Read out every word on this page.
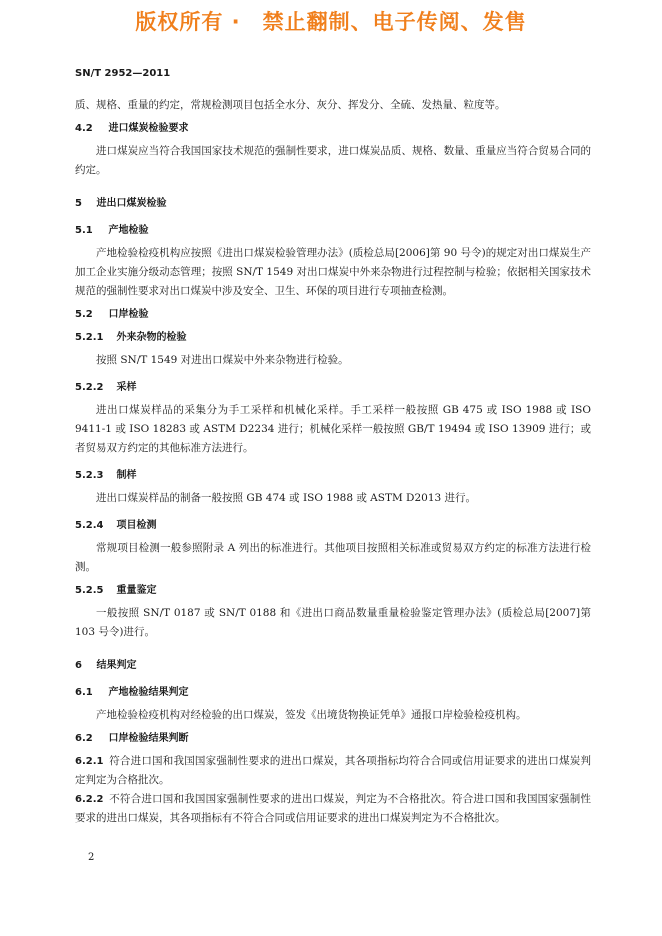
版权所有 ·　禁止翻制、电子传阅、发售
SN/T 2952—2011

质、规格、重量的约定，常规检测项目包括全水分、灰分、挥发分、全硫、发热量、粒度等。

4.2 进口煤炭检验要求

进口煤炭应当符合我国国家技术规范的强制性要求，进口煤炭品质、规格、数量、重量应当符合贸易合同的约定。

5 进出口煤炭检验
5.1 产地检验

产地检验检疫机构应按照《进出口煤炭检验管理办法》(质检总局[2006]第 90 号令)的规定对出口煤炭生产加工企业实施分级动态管理；按照 SN/T 1549 对出口煤炭中外来杂物进行过程控制与检验；依据相关国家技术规范的强制性要求对出口煤炭中涉及安全、卫生、环保的项目进行专项抽查检测。

5.2 口岸检验
5.2.1 外来杂物的检验

按照 SN/T 1549 对进出口煤炭中外来杂物进行检验。

5.2.2 采样

进出口煤炭样品的采集分为手工采样和机械化采样。手工采样一般按照 GB 475 或 ISO 1988 或 ISO 9411-1 或 ISO 18283 或 ASTM D2234 进行；机械化采样一般按照 GB/T 19494 或 ISO 13909 进行；或者贸易双方约定的其他标准方法进行。

5.2.3 制样

进出口煤炭样品的制备一般按照 GB 474 或 ISO 1988 或 ASTM D2013 进行。

5.2.4 项目检测

常规项目检测一般参照附录 A 列出的标准进行。其他项目按照相关标准或贸易双方约定的标准方法进行检测。

5.2.5 重量鉴定

一般按照 SN/T 0187 或 SN/T 0188 和《进出口商品数量重量检验鉴定管理办法》(质检总局[2007]第 103 号令)进行。

6 结果判定
6.1 产地检验结果判定

产地检验检疫机构对经检验的出口煤炭，签发《出境货物换证凭单》通报口岸检验检疫机构。

6.2 口岸检验结果判断

6.2.1 符合进口国和我国国家强制性要求的进出口煤炭，其各项指标均符合合同或信用证要求的进出口煤炭判定判定为合格批次。

6.2.2 不符合进口国和我国国家强制性要求的进出口煤炭，判定为不合格批次。符合进口国和我国国家强制性要求的进出口煤炭，其各项指标有不符合合同或信用证要求的进出口煤炭判定为不合格批次。

2
